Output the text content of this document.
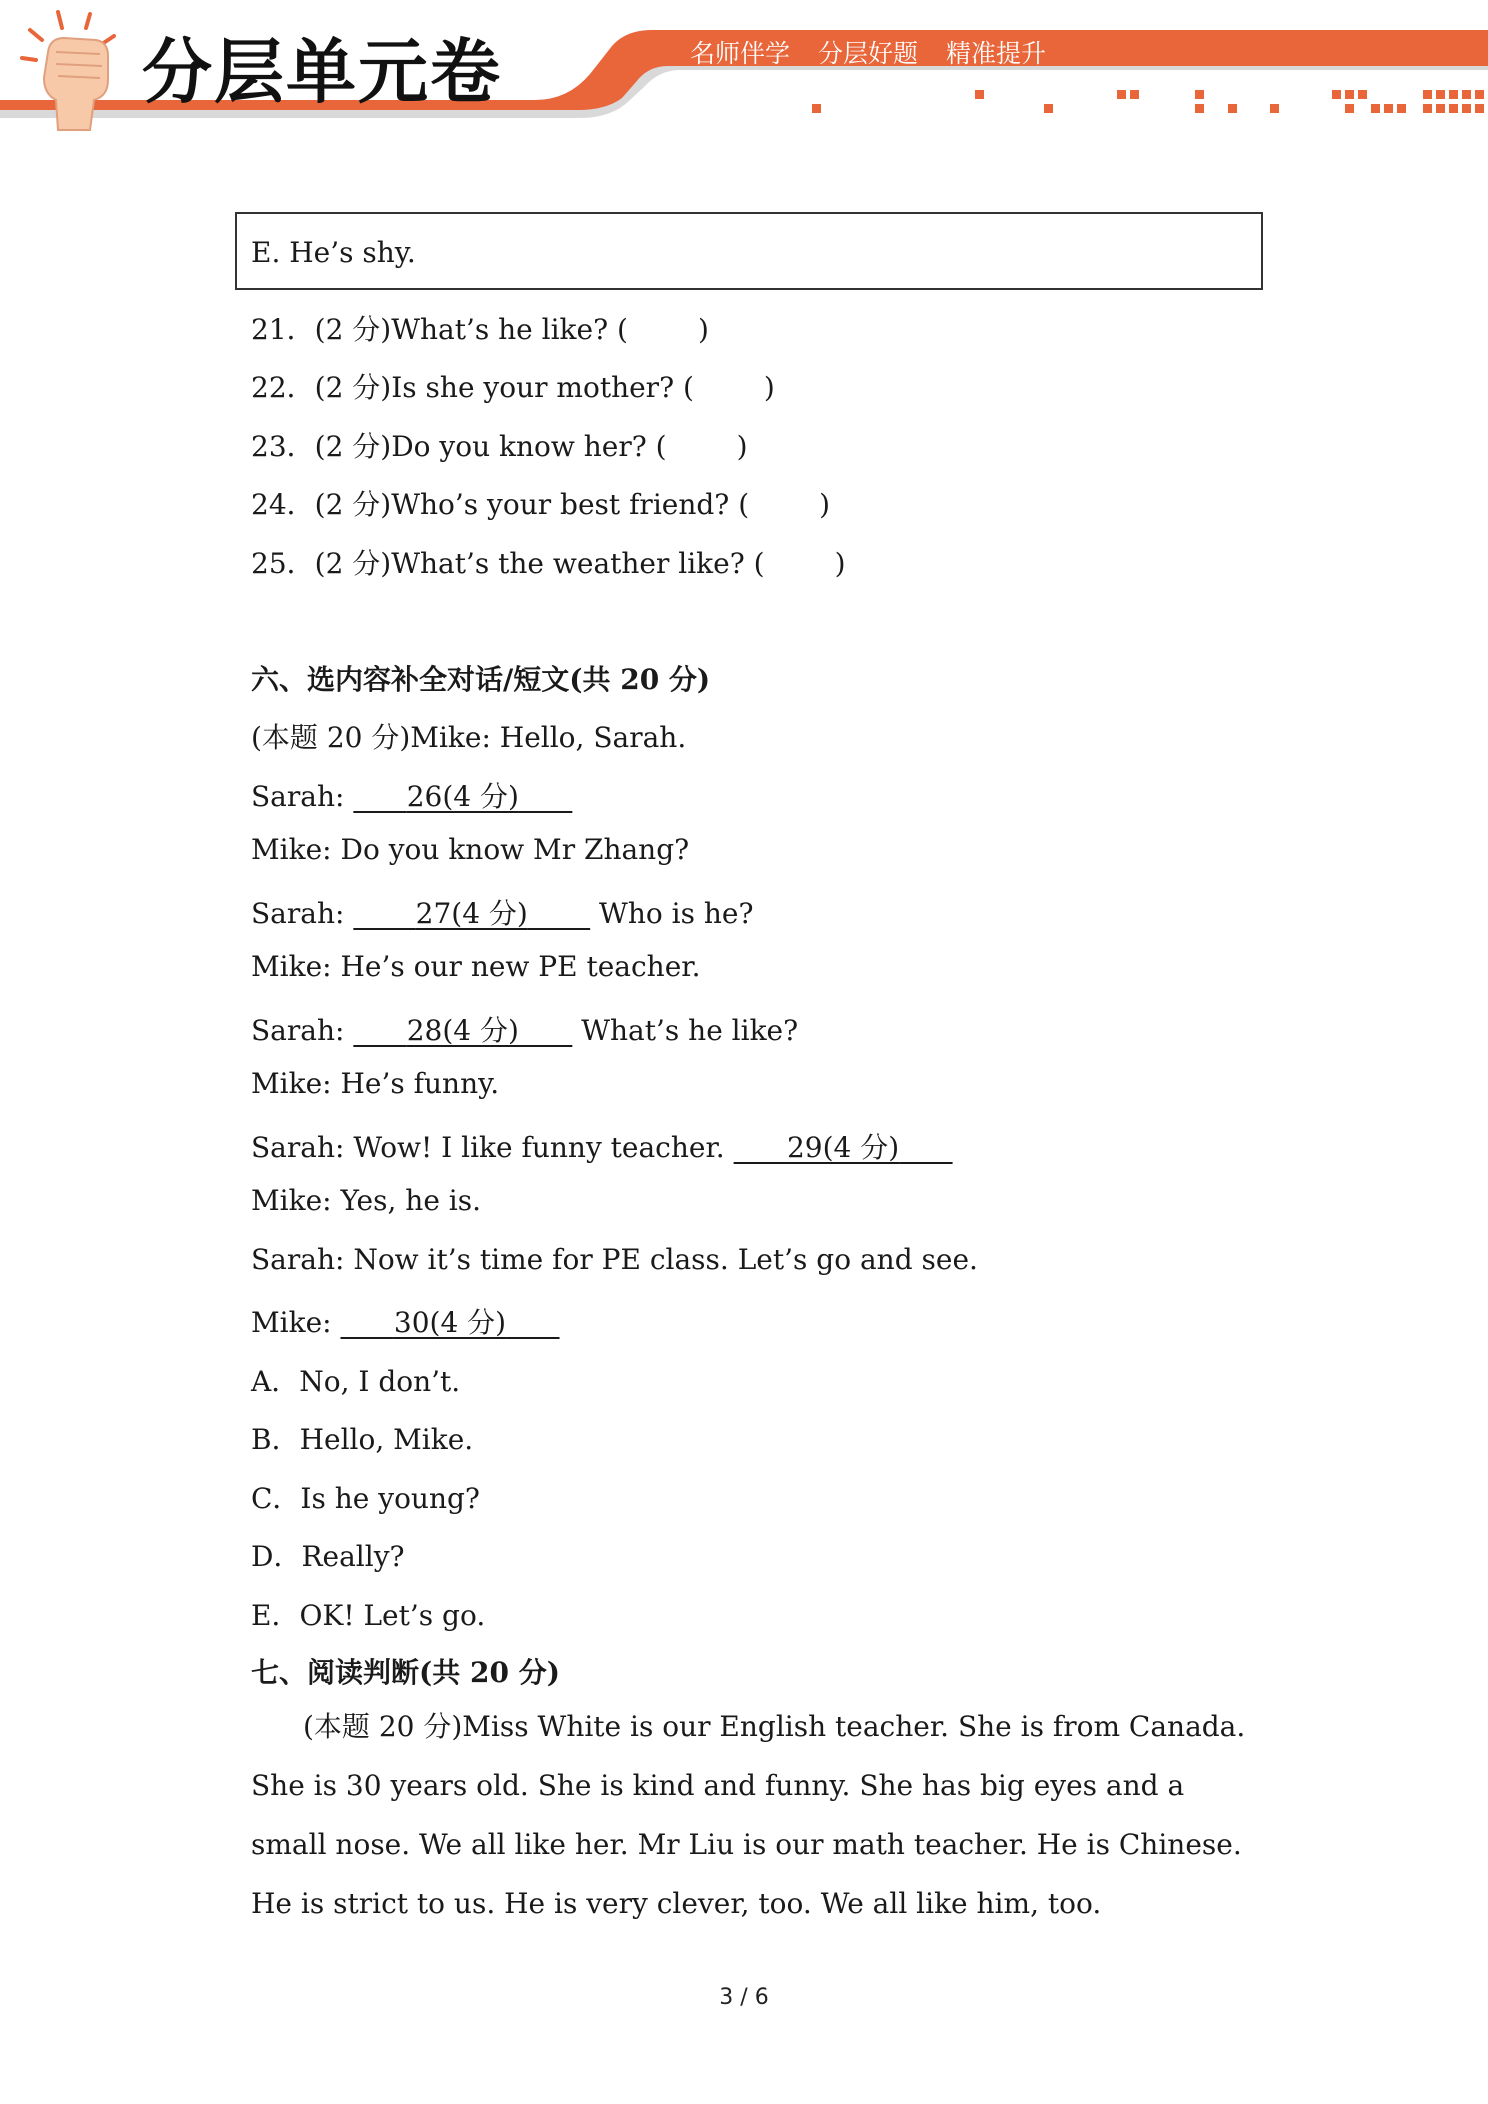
分层单元卷	名师伴学 分层好题 精准提升
E. He’s shy.
21．(2 分)What’s he like? (	)
22．(2 分)Is she your mother? (	)
23．(2 分)Do you know her? (	)
24．(2 分)Who’s your best friend? (	)
25．(2 分)What’s the weather like? (	)
六、选内容补全对话/短文(共 20 分)
(本题 20 分)Mike: Hello, Sarah.
Sarah:       26(4 分)
Mike: Do you know Mr Zhang?
Sarah:        27(4 分)        Who is he?
Mike: He’s our new PE teacher.
Sarah:       28(4 分)       What’s he like?
Mike: He’s funny.
Sarah: Wow! I like funny teacher.       29(4 分)
Mike: Yes, he is.
Sarah: Now it’s time for PE class. Let’s go and see.
Mike:       30(4 分)
A．No, I don’t.
B．Hello, Mike.
C．Is he young?
D．Really?
E．OK! Let’s go.
七、阅读判断(共 20 分)
(本题 20 分)Miss White is our English teacher. She is from Canada. She is 30 years old. She is kind and funny. She has big eyes and a small nose. We all like her. Mr Liu is our math teacher. He is Chinese. He is strict to us. He is very clever, too. We all like him, too.
3 / 6
